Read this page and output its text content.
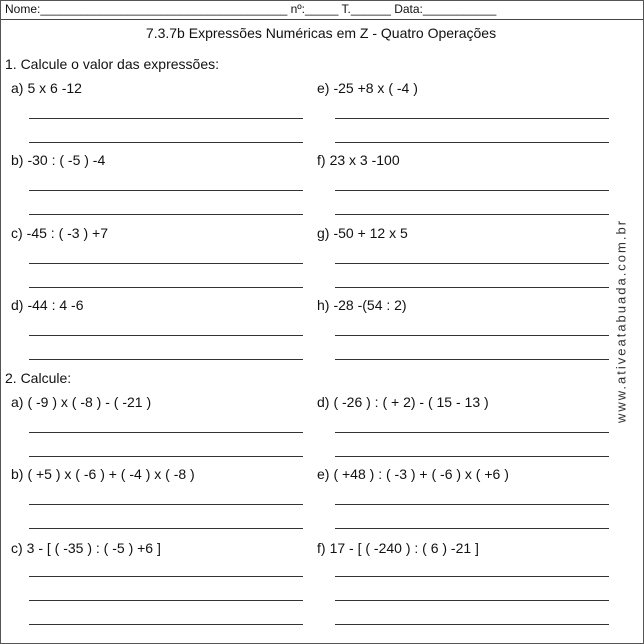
Nome:_____________________________________ nº:_____ T.______ Data:___________
7.3.7b Expressões Numéricas em Z - Quatro Operações
1. Calcule o valor das expressões:
a) 5 x 6 -12	e) -25 +8 x ( -4 )
b) -30 : ( -5 ) -4	f) 23 x 3 -100
c) -45 : ( -3 ) +7	g) -50 + 12 x 5
d) -44 : 4 -6	h) -28 -(54 : 2)
2. Calcule:
a) ( -9 ) x ( -8 ) - ( -21 )	d) ( -26 ) : ( + 2) - ( 15 - 13 )
b) ( +5 ) x ( -6 ) + ( -4 ) x ( -8 )	e) ( +48 ) : ( -3 ) + ( -6 ) x ( +6 )
c) 3 - [ ( -35 ) : ( -5 ) +6 ]	f) 17 - [ ( -240 ) : ( 6 ) -21 ]
www.ativeatabuada.com.br
